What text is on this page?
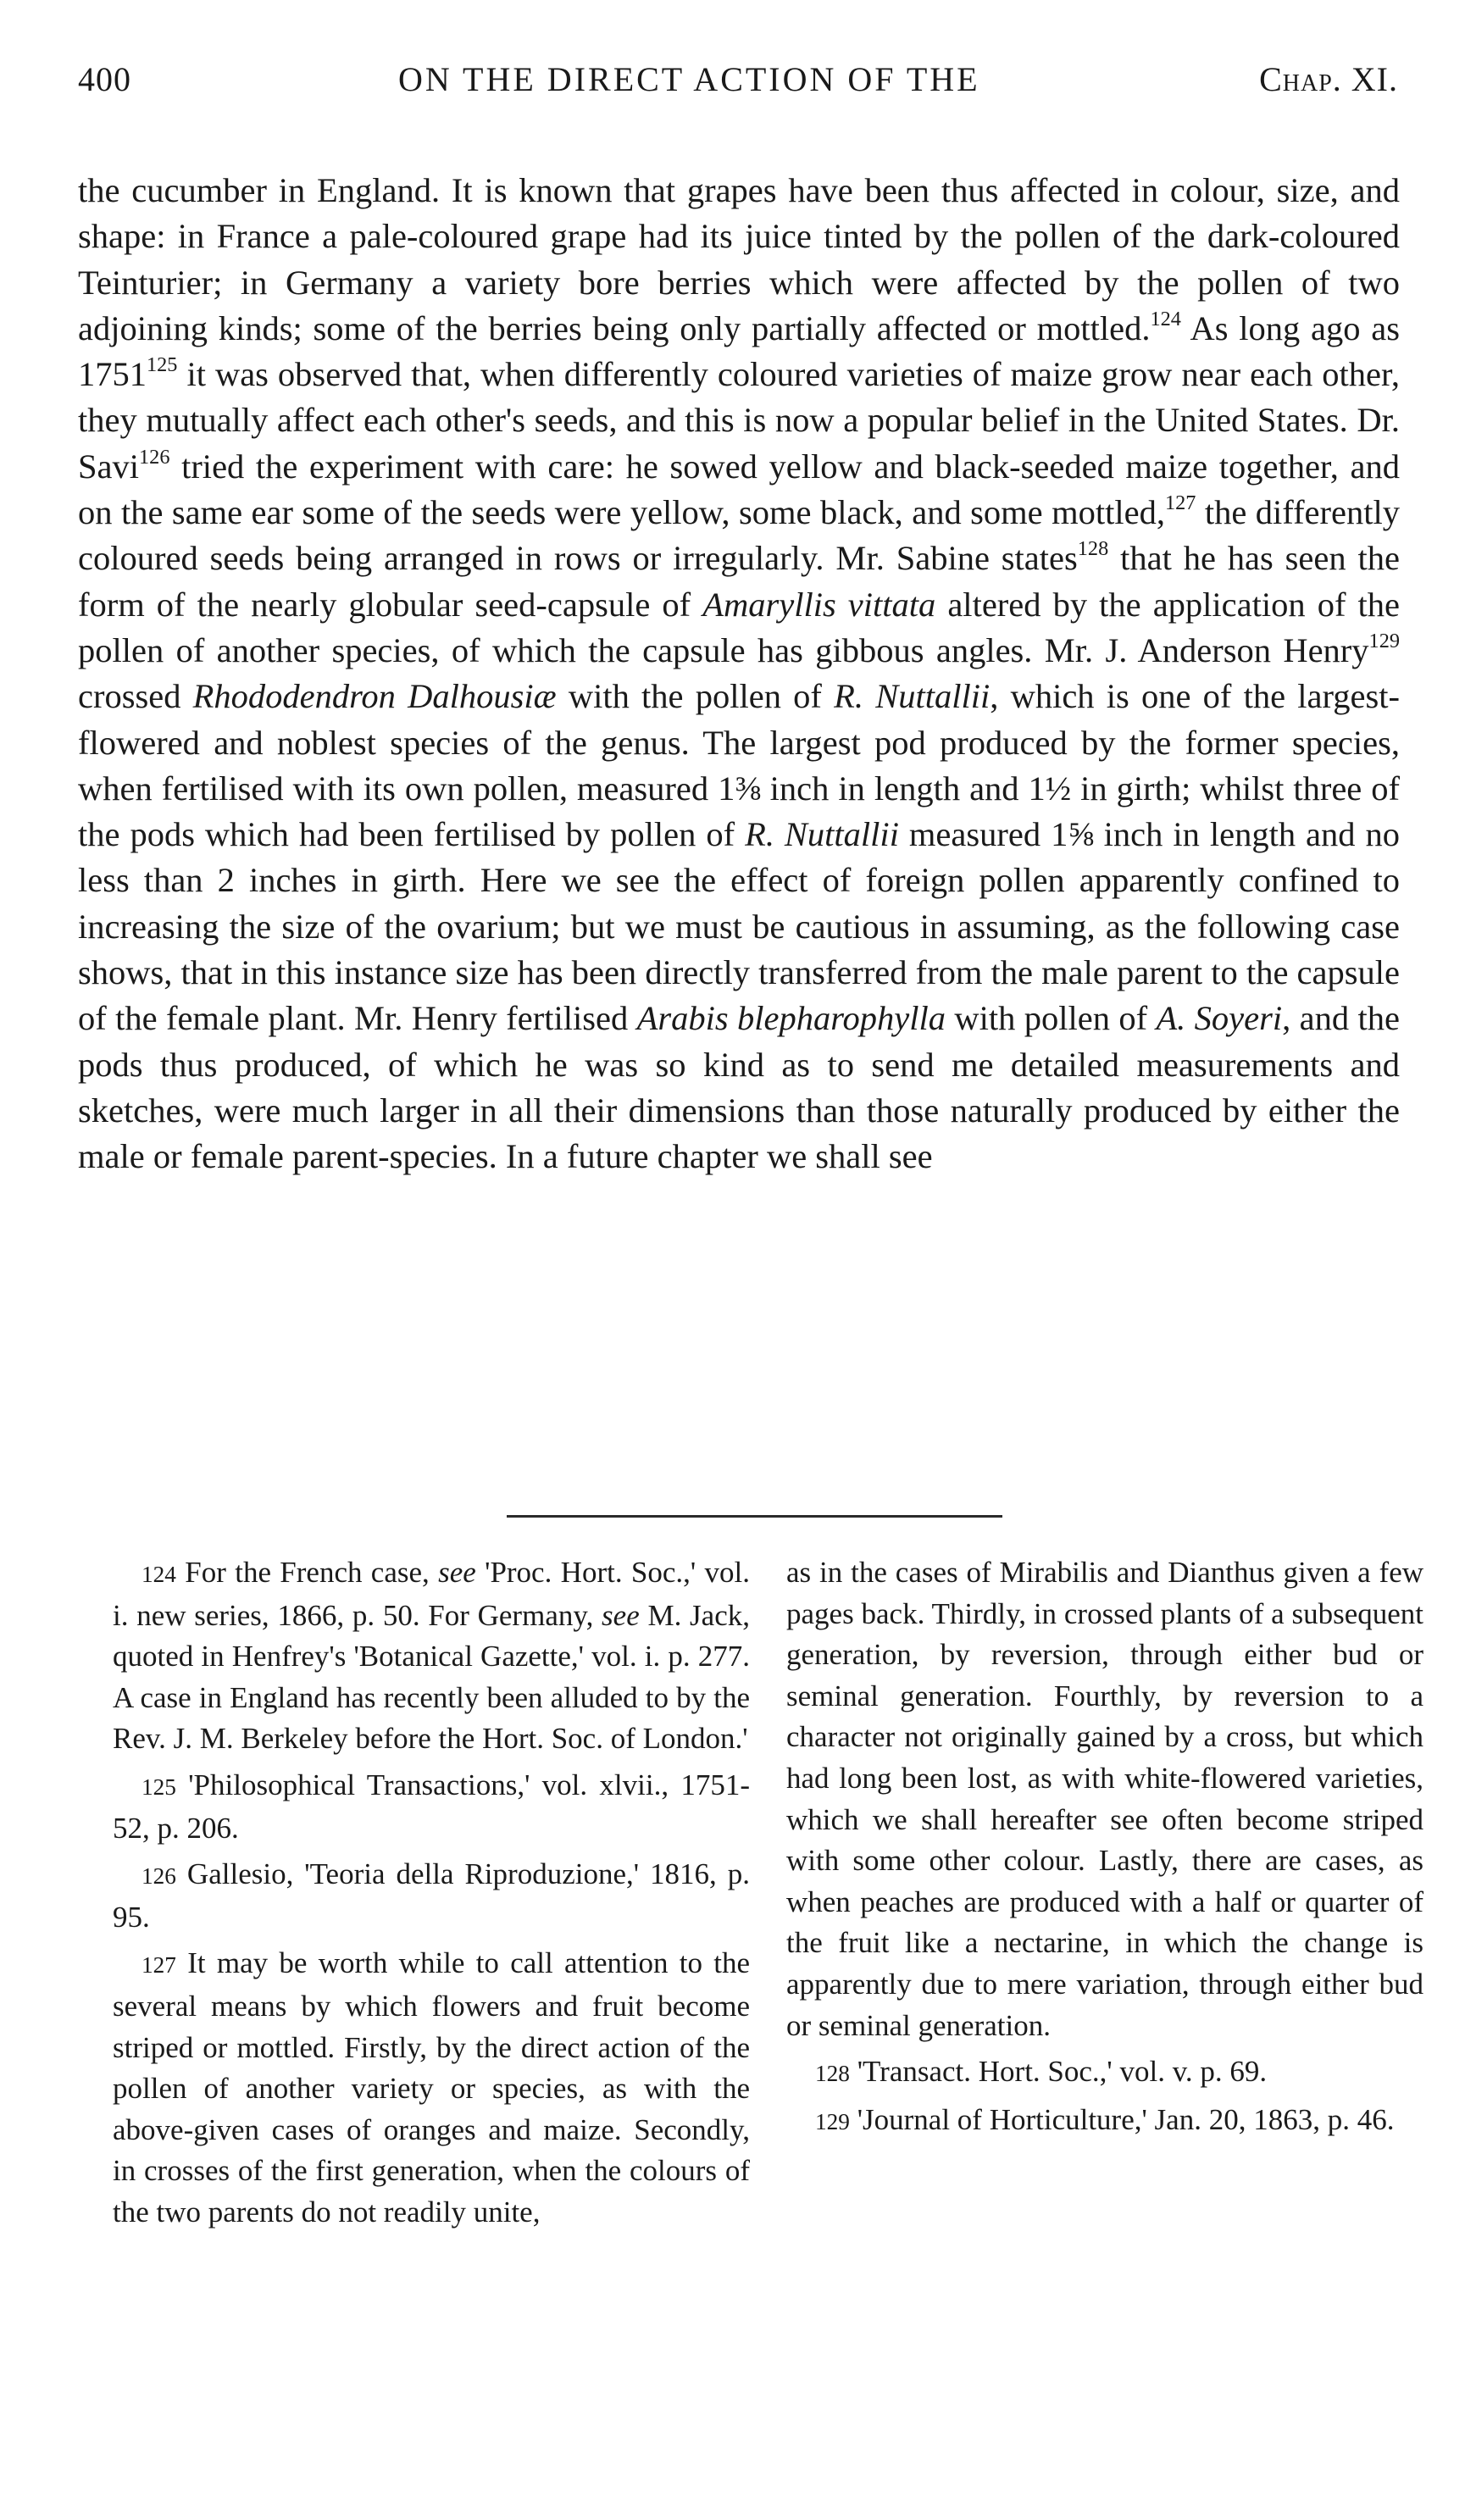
400	ON THE DIRECT ACTION OF THE	Chap. XI.

the cucumber in England. It is known that grapes have been thus affected in colour, size, and shape: in France a pale-coloured grape had its juice tinted by the pollen of the dark-coloured Teinturier; in Germany a variety bore berries which were affected by the pollen of two adjoining kinds; some of the berries being only partially affected or mottled.$^{124}$ As long ago as 1751$^{125}$ it was observed that, when differently coloured varieties of maize grow near each other, they mutually affect each other's seeds, and this is now a popular belief in the United States. Dr. Savi$^{126}$ tried the experiment with care: he sowed yellow and black-seeded maize together, and on the same ear some of the seeds were yellow, some black, and some mottled,$^{127}$ the differently coloured seeds being arranged in rows or irregularly. Mr. Sabine states$^{128}$ that he has seen the form of the nearly globular seed-capsule of Amaryllis vittata altered by the application of the pollen of another species, of which the capsule has gibbous angles. Mr. J. Anderson Henry$^{129}$ crossed Rhododendron Dalhousiæ with the pollen of R. Nuttallii, which is one of the largest-flowered and noblest species of the genus. The largest pod produced by the former species, when fertilised with its own pollen, measured 1⅜ inch in length and 1½ in girth; whilst three of the pods which had been fertilised by pollen of R. Nuttallii measured 1⅝ inch in length and no less than 2 inches in girth. Here we see the effect of foreign pollen apparently confined to increasing the size of the ovarium; but we must be cautious in assuming, as the following case shows, that in this instance size has been directly transferred from the male parent to the capsule of the female plant. Mr. Henry fertilised Arabis blepharophylla with pollen of A. Soyeri, and the pods thus produced, of which he was so kind as to send me detailed measurements and sketches, were much larger in all their dimensions than those naturally produced by either the male or female parent-species. In a future chapter we shall see

124 For the French case, see 'Proc. Hort. Soc.,' vol. i. new series, 1866, p. 50. For Germany, see M. Jack, quoted in Henfrey's 'Botanical Gazette,' vol. i. p. 277. A case in England has recently been alluded to by the Rev. J. M. Berkeley before the Hort. Soc. of London.'

125 'Philosophical Transactions,' vol. xlvii., 1751-52, p. 206.

126 Gallesio, 'Teoria della Riproduzione,' 1816, p. 95.

127 It may be worth while to call attention to the several means by which flowers and fruit become striped or mottled. Firstly, by the direct action of the pollen of another variety or species, as with the above-given cases of oranges and maize. Secondly, in crosses of the first generation, when the colours of the two parents do not readily unite,

as in the cases of Mirabilis and Dianthus given a few pages back. Thirdly, in crossed plants of a subsequent generation, by reversion, through either bud or seminal generation. Fourthly, by reversion to a character not originally gained by a cross, but which had long been lost, as with white-flowered varieties, which we shall hereafter see often become striped with some other colour. Lastly, there are cases, as when peaches are produced with a half or quarter of the fruit like a nectarine, in which the change is apparently due to mere variation, through either bud or seminal generation.

128 'Transact. Hort. Soc.,' vol. v. p. 69.

129 'Journal of Horticulture,' Jan. 20, 1863, p. 46.
